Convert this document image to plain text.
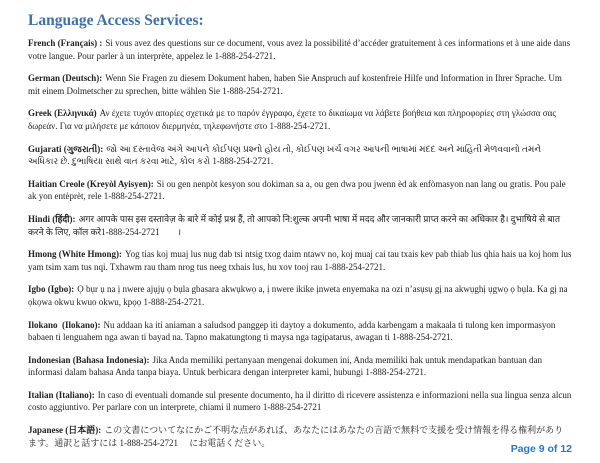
Language Access Services:

French (Français) : Si vous avez des questions sur ce document, vous avez la possibilité d’accéder gratuitement à ces informations et à une aide dans votre langue. Pour parler à un interprète, appelez le 1-888-254-2721.

German (Deutsch): Wenn Sie Fragen zu diesem Dokument haben, haben Sie Anspruch auf kostenfreie Hilfe und Information in Ihrer Sprache. Um mit einem Dolmetscher zu sprechen, bitte wählen Sie 1-888-254-2721.

Greek (Ελληνικά) Αν έχετε τυχόν απορίες σχετικά με το παρόν έγγραφο, έχετε το δικαίωμα να λάβετε βοήθεια και πληροφορίες στη γλώσσα σας δωρεάν. Για να μιλήσετε με κάποιον διερμηνέα, τηλεφωνήστε στο 1-888-254-2721.

Gujarati (ગુજરાતી): જો આ દસ્તાવેજ અંગે આપને કોઈપણ પ્રશ્નો હોય તો, કોઈપણ ખર્ચ વગર આપની ભાષામાં મદદ અને માહિતી મેળવવાનો તમને અધિકાર છે. દુભાષિયા સાથે વાત કરવા માટે, કોલ કરો 1-888-254-2721.

Haitian Creole (Kreyòl Ayisyen): Si ou gen nenpòt kesyon sou dokiman sa a, ou gen dwa pou jwenn èd ak enfòmasyon nan lang ou gratis. Pou pale ak yon entèprèt, rele 1-888-254-2721.

Hindi (हिंदी): अगर आपके पास इस दस्तावेज़ के बारे में कोई प्रश्न हैं, तो आपको नि:शुल्क अपनी भाषा में मदद और जानकारी प्राप्त करने का अधिकार है। दुभाषिये से बात करने के लिए, कॉल करे1-888-254-2721        ।

Hmong (White Hmong): Yog tias koj muaj lus nug dab tsi ntsig txog daim ntawv no, koj muaj cai tau txais kev pab thiab lus qhia hais ua koj hom lus yam tsim xam tus nqi. Txhawm rau tham nrog tus neeg txhais lus, hu xov tooj rau 1-888-254-2721.

Igbo (Igbo): Ọ bụr ụ na ị nwere ajụjụ ọ bụla gbasara akwụkwọ a, ị nwere ikike ịnweta enyemaka na ozi n’asụsụ gị na akwụghị ụgwọ ọ bụla. Ka gị na ọkọwa okwu kwuo okwu, kpọọ 1-888-254-2721.

Ilokano  (Ilokano): Nu addaan ka iti aniaman a saludsod panggep iti daytoy a dokumento, adda karbengam a makaala ti tulong ken impormasyon babaen ti lenguahem nga awan ti bayad na. Tapno makatungtong ti maysa nga tagipatarus, awagan ti 1-888-254-2721.

Indonesian (Bahasa Indonesia): Jika Anda memiliki pertanyaan mengenai dokumen ini, Anda memiliki hak untuk mendapatkan bantuan dan informasi dalam bahasa Anda tanpa biaya. Untuk berbicara dengan interpreter kami, hubungi 1-888-254-2721.

Italian (Italiano): In caso di eventuali domande sul presente documento, ha il diritto di ricevere assistenza e informazioni nella sua lingua senza alcun costo aggiuntivo. Per parlare con un interprete, chiami il numero 1-888-254-2721

Japanese (日本語): この文書についてなにかご不明な点があれば、あなたにはあなたの言語で無料で支援を受け情報を得る権利があります。通訳と話すには 1-888-254-2721     にお電話ください。

Page 9 of 12
